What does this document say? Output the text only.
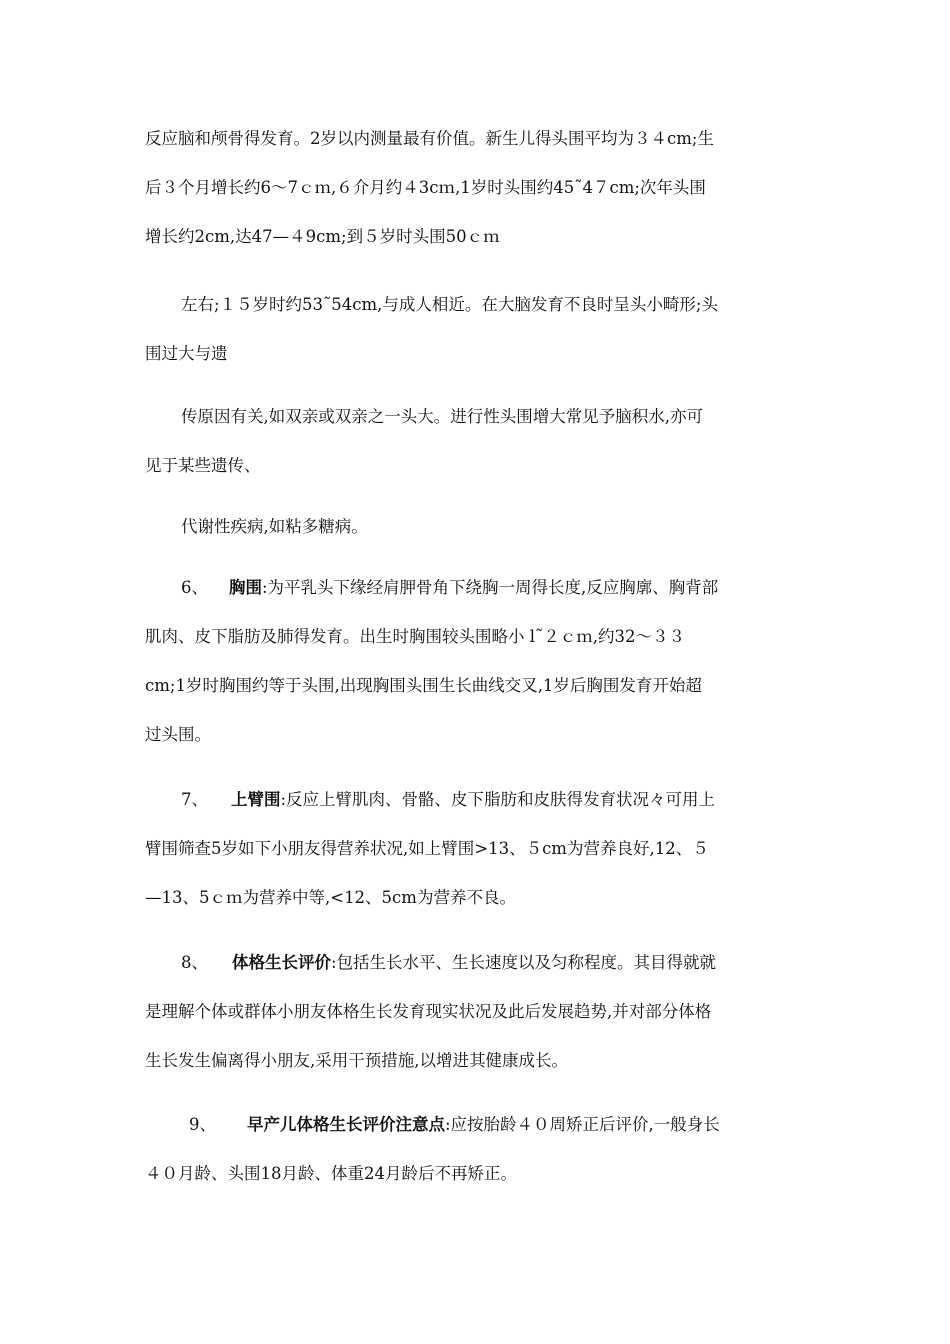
反应脑和颅骨得发育。2岁以内测量最有价值。新生儿得头围平均为３４cm;生
后３个月增长约6～7ｃｍ,６介月约４3cｍ,1岁时头围约45˜4７cm;次年头围
增长约2cm,达47—４9cm;到５岁时头围50ｃｍ
左右;１５岁时约53˜54cm,与成人相近。在大脑发育不良时呈头小畸形;头
围过大与遗
传原因有关,如双亲或双亲之一头大。进行性头围增大常见予脑积水,亦可
见于某些遗传、
代谢性疾病,如粘多糖病。
6、 胸围:为平乳头下缘经肩胛骨角下绕胸一周得长度,反应胸廓、胸背部
肌肉、皮下脂肪及肺得发育。出生时胸围较头围略小 l˜２ｃｍ,约32～３３
cm;1岁时胸围约等于头围,出现胸围头围生长曲线交叉,1岁后胸围发育开始超
过头围。
7、 上臂围:反应上臂肌肉、骨骼、皮下脂肪和皮肤得发育状况々可用上
臂围筛查5岁如下小朋友得营养状况,如上臂围>13、５cm为营养良好,12、５
—13、5ｃｍ为营养中等,<12、5cm为营养不良。
8、 体格生长评价:包括生长水平、生长速度以及匀称程度。其目得就就
是理解个体或群体小朋友体格生长发育现实状况及此后发展趋势,并对部分体格
生长发生偏离得小朋友,采用干预措施,以增进其健康成长。
9、 早产儿体格生长评价注意点:应按胎龄４０周矫正后评价,一般身长
４０月龄、头围18月龄、体重24月龄后不再矫正。
